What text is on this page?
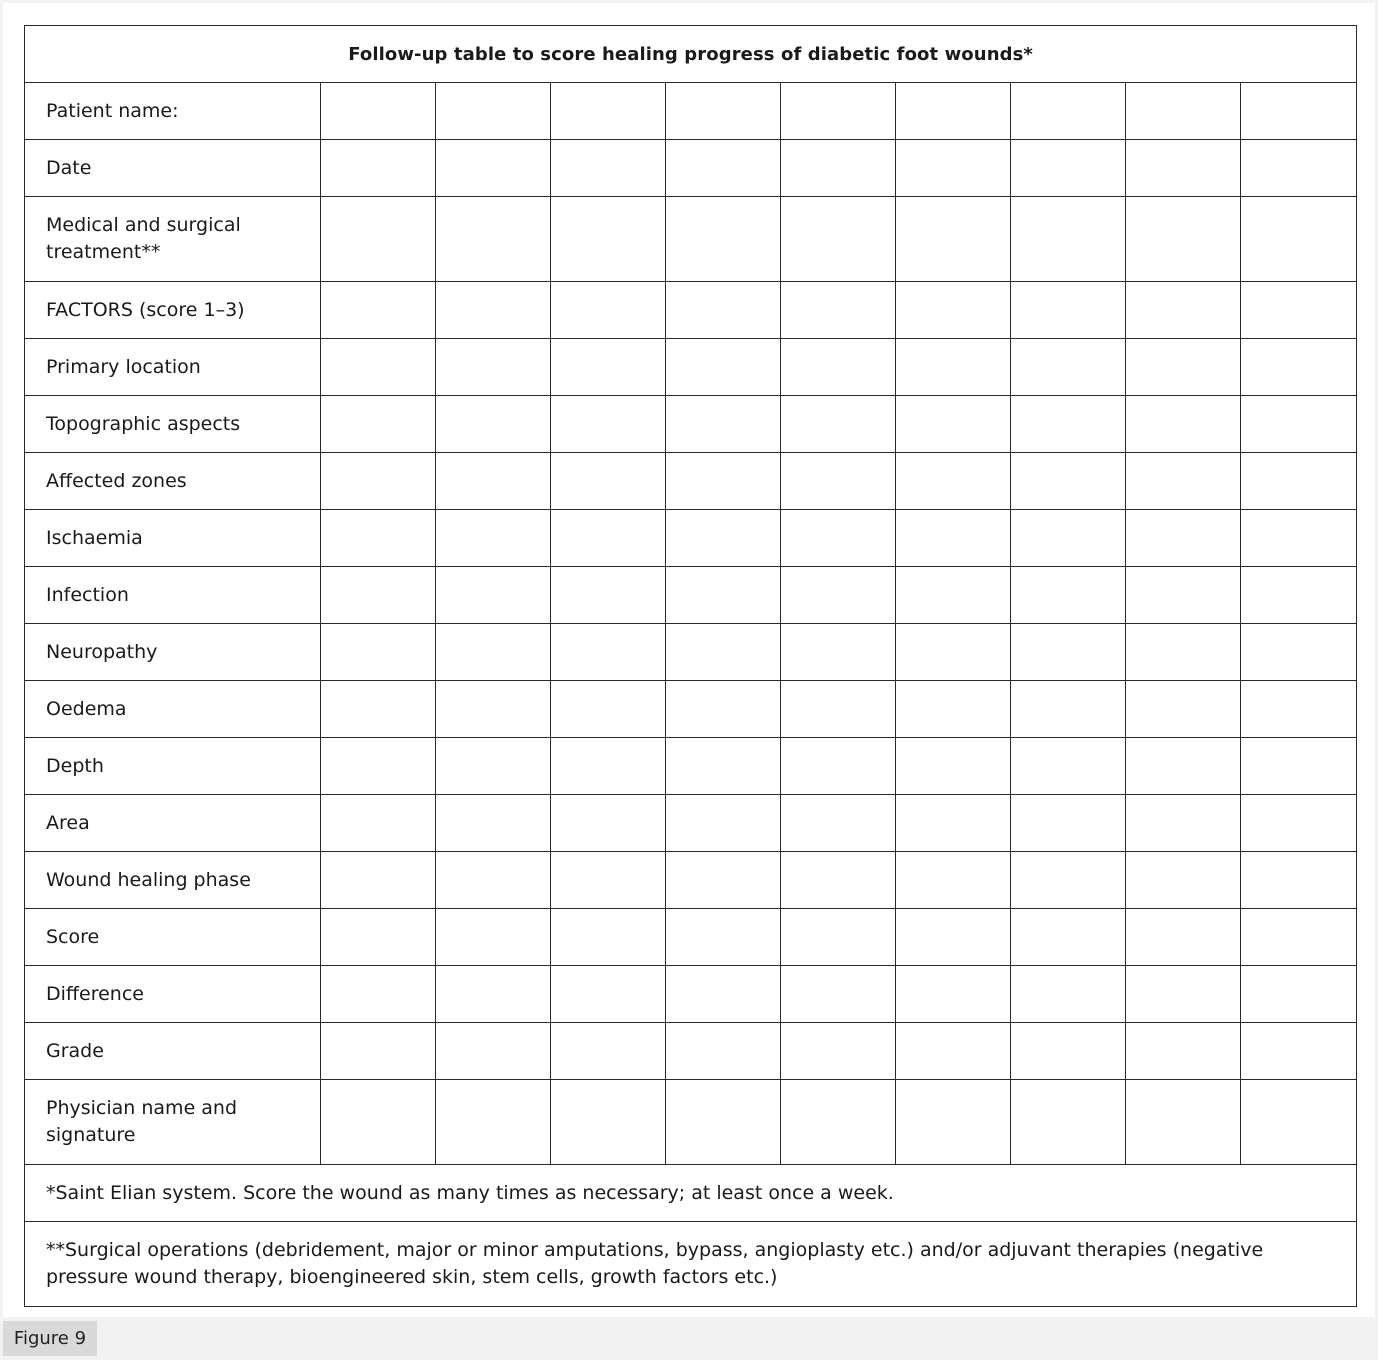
Follow-up table to score healing progress of diabetic foot wounds*									
Patient name:									
Date									
Medical and surgical treatment**									
FACTORS (score 1–3)									
Primary location									
Topographic aspects									
Affected zones									
Ischaemia									
Infection									
Neuropathy									
Oedema									
Depth									
Area									
Wound healing phase									
Score									
Difference									
Grade									
Physician name and signature									
*Saint Elian system. Score the wound as many times as necessary; at least once a week.									
**Surgical operations (debridement, major or minor amputations, bypass, angioplasty etc.) and/or adjuvant therapies (negative pressure wound therapy, bioengineered skin, stem cells, growth factors etc.)									
Figure 9
